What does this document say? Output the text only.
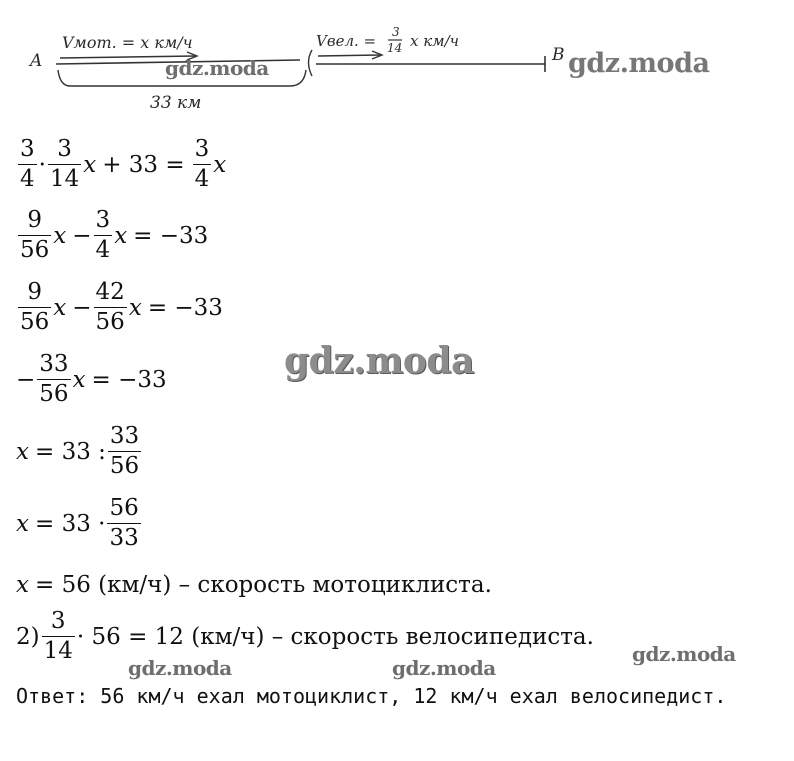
A
Vмот. = x км/ч
33 км
Vвел. = 3
14 x км/ч
B
gdz.moda	gdz.moda
gdz.moda
gdz.moda	gdz.moda
gdz.moda
$\frac{3}{4} \cdot \frac{3}{14}$ $x + 33 = \frac{3}{4}$ x
$\frac{9}{56}$ $x - \frac{3}{4}$ x = −33
$\frac{9}{56}$ $x - \frac{42}{56}$ x = −33
− $\frac{33}{56}$ x = −33
x = 33 : $\frac{33}{56}$
$x = 33 \cdot \frac{56}{33}$
x = 56 (км/ч) – скорость мотоциклиста.
$2) \frac{3}{14} \cdot 56 = 12$ (км/ч) – скорость велосипедиста.
Ответ: 56 км/ч ехал мотоциклист, 12 км/ч ехал велосипедист.
